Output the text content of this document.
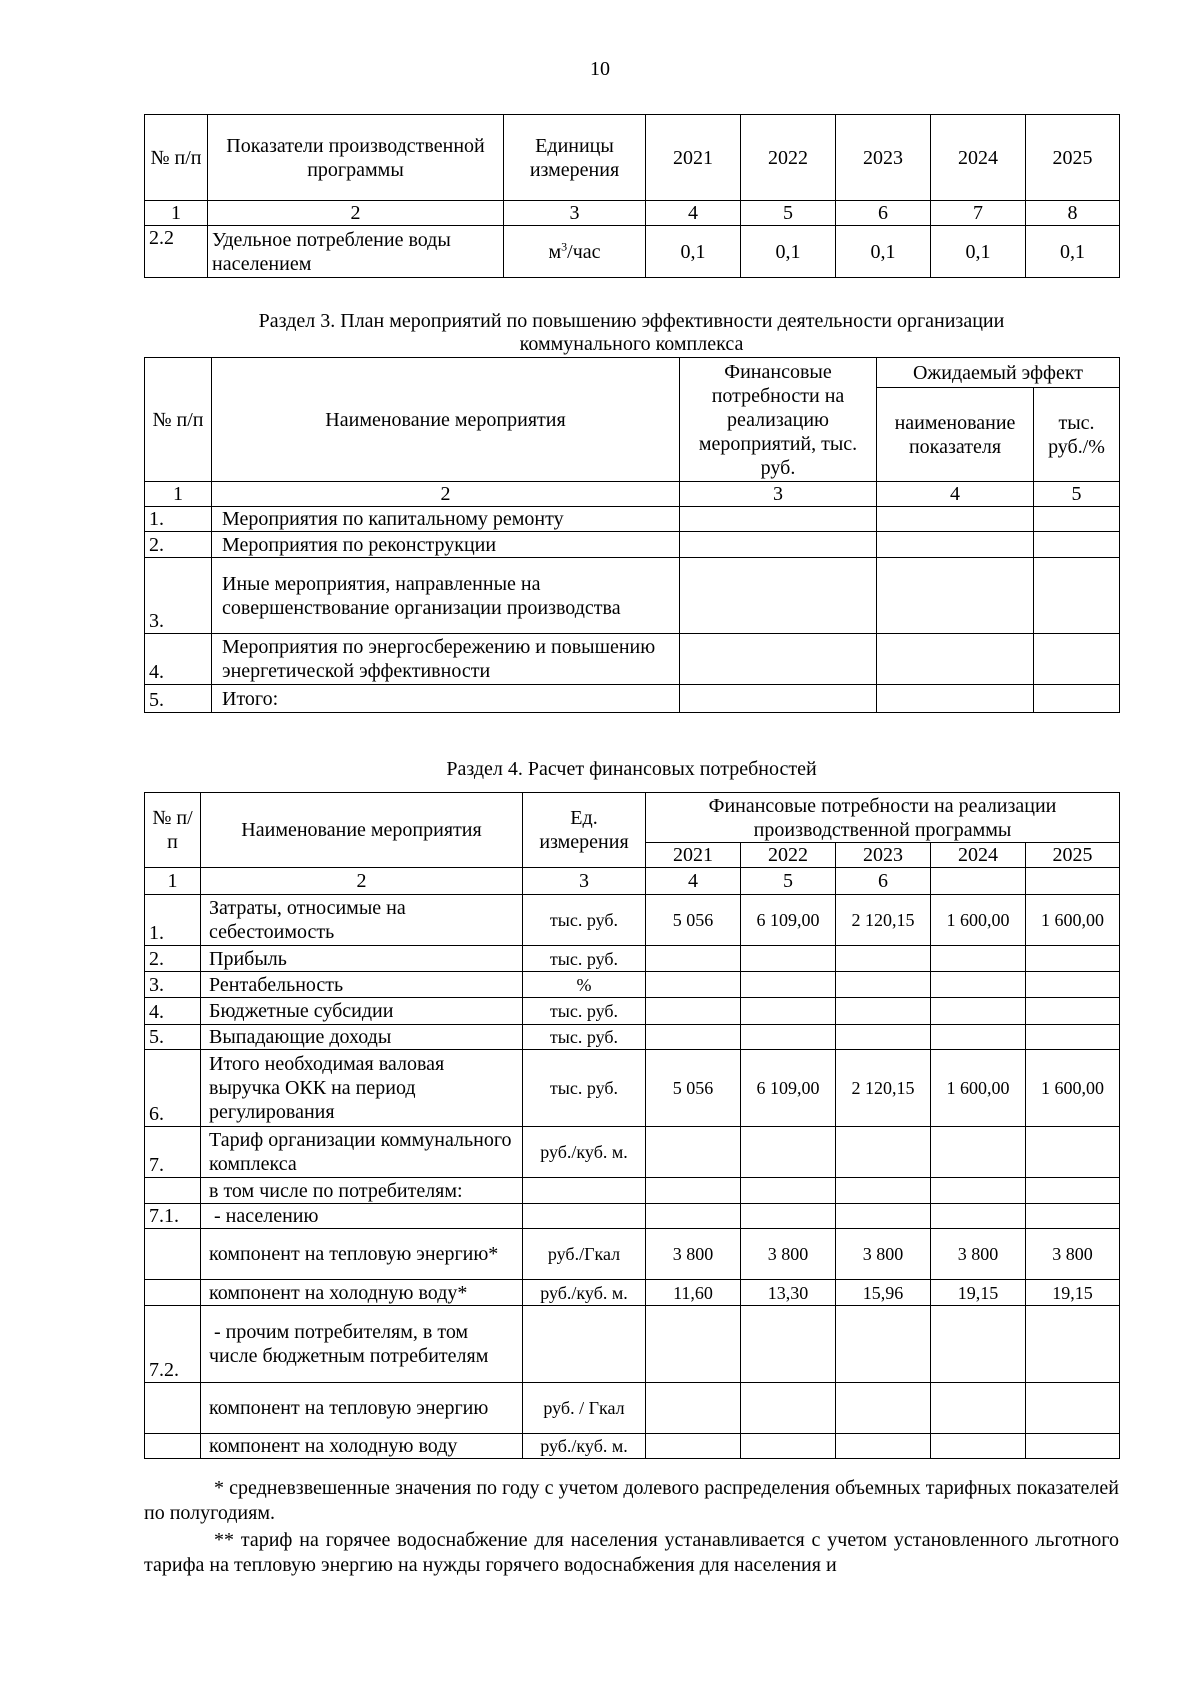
10
№ п/п	Показатели производственной программы	Единицы измерения	2021	2022	2023	2024	2025
1	2	3	4	5	6	7	8
2.2	Удельное потребление воды населением	$м^3$/час	0,1	0,1	0,1	0,1	0,1
Раздел 3. План мероприятий по повышению эффективности деятельности организации
коммунального комплекса
№ п/п	Наименование мероприятия	Финансовые потребности на реализацию мероприятий, тыс. руб.	Ожидаемый эффект	
			наименование показателя	тыс. руб./%
1	2	3	4	5
1.	Мероприятия по капитальному ремонту			
2.	Мероприятия по реконструкции			
3.	Иные мероприятия, направленные на совершенствование организации производства			
4.	Мероприятия по энергосбережению и повышению энергетической эффективности			
5.	Итого:			
Раздел 4. Расчет финансовых потребностей
№ п/п	Наименование мероприятия	Ед. измерения	Финансовые потребности на реализации производственной программы				
			2021	2022	2023	2024	2025
1	2	3	4	5	6		
1.	Затраты, относимые на себестоимость	тыс. руб.	5 056	6 109,00	2 120,15	1 600,00	1 600,00
2.	Прибыль	тыс. руб.					
3.	Рентабельность	%					
4.	Бюджетные субсидии	тыс. руб.					
5.	Выпадающие доходы	тыс. руб.					
6.	Итого необходимая валовая выручка ОКК на период регулирования	тыс. руб.	5 056	6 109,00	2 120,15	1 600,00	1 600,00
7.	Тариф организации коммунального комплекса	руб./куб. м.					
	в том числе по потребителям:						
7.1.	- населению						
	компонент на тепловую энергию*	руб./Гкал	3 800	3 800	3 800	3 800	3 800
	компонент на холодную воду*	руб./куб. м.	11,60	13,30	15,96	19,15	19,15
7.2.	- прочим потребителям, в том числе бюджетным потребителям						
	компонент на тепловую энергию	руб. / Гкал					
	компонент на холодную воду	руб./куб. м.					

* средневзвешенные значения по году с учетом долевого распределения объемных тарифных показателей по полугодиям.

** тариф на горячее водоснабжение для населения устанавливается с учетом установленного льготного тарифа на тепловую энергию на нужды горячего водоснабжения для населения и
